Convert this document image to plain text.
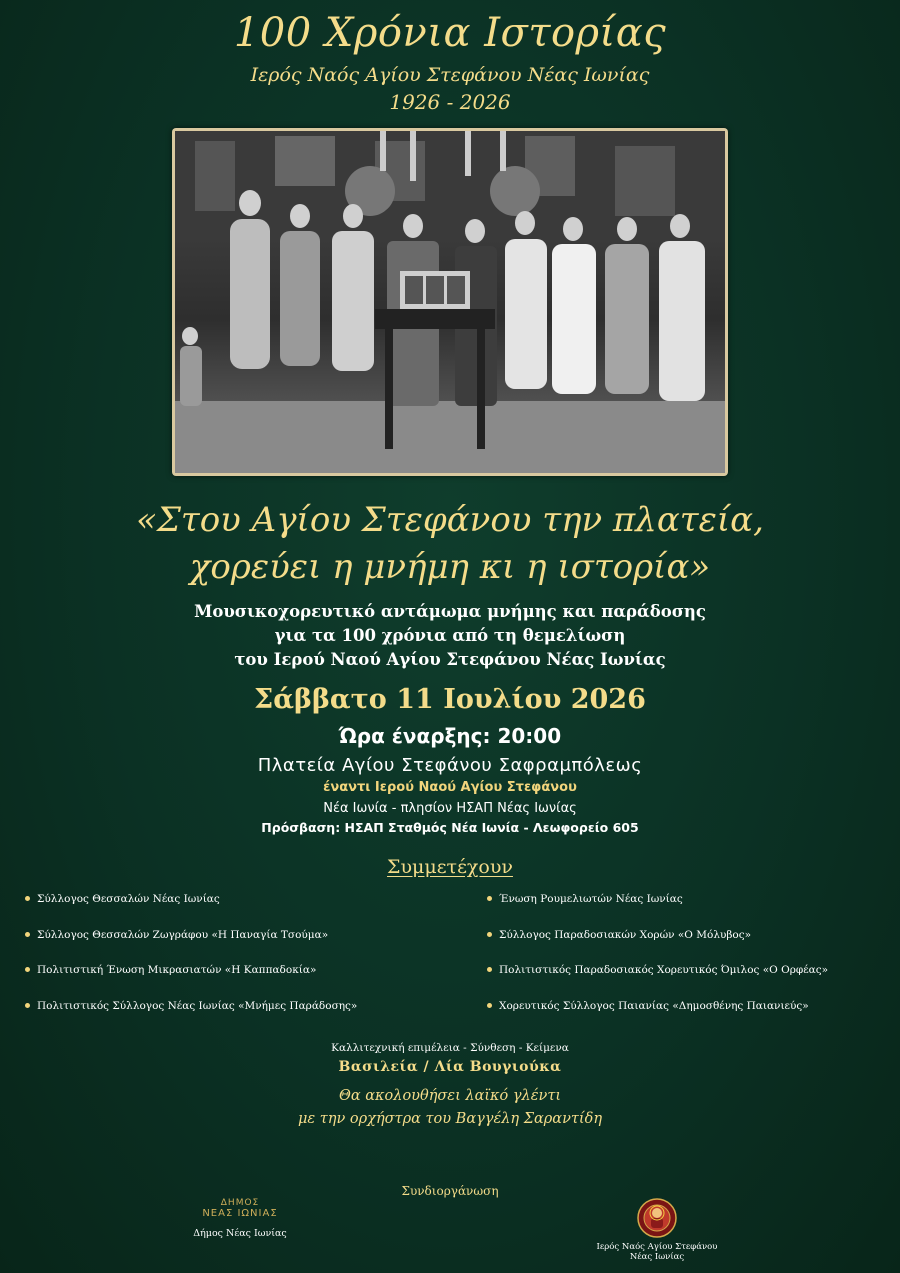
100 Χρόνια Ιστορίας
Ιερός Ναός Αγίου Στεφάνου Νέας Ιωνίας
1926 - 2026
«Στου Αγίου Στεφάνου την πλατεία,
χορεύει η μνήμη κι η ιστορία»
Μουσικοχορευτικό αντάμωμα μνήμης και παράδοσης
για τα 100 χρόνια από τη θεμελίωση
του Ιερού Ναού Αγίου Στεφάνου Νέας Ιωνίας
Σάββατο 11 Ιουλίου 2026
Ώρα έναρξης: 20:00
Πλατεία Αγίου Στεφάνου Σαφραμπόλεως
έναντι Ιερού Ναού Αγίου Στεφάνου
Νέα Ιωνία - πλησίον ΗΣΑΠ Νέας Ιωνίας
Πρόσβαση: ΗΣΑΠ Σταθμός Νέα Ιωνία - Λεωφορείο 605
Συμμετέχουν
Σύλλογος Θεσσαλών Νέας Ιωνίας
Σύλλογος Θεσσαλών Ζωγράφου «Η Παναγία Τσούμα»
Πολιτιστική Ένωση Μικρασιατών «Η Καππαδοκία»
Πολιτιστικός Σύλλογος Νέας Ιωνίας «Μνήμες Παράδοσης»
Ένωση Ρουμελιωτών Νέας Ιωνίας
Σύλλογος Παραδοσιακών Χορών «Ο Μόλυβος»
Πολιτιστικός Παραδοσιακός Χορευτικός Όμιλος «Ο Ορφέας»
Χορευτικός Σύλλογος Παιανίας «Δημοσθένης Παιανιεύς»
Καλλιτεχνική επιμέλεια - Σύνθεση - Κείμενα
Βασιλεία / Λία Βουγιούκα
Θα ακολουθήσει λαϊκό γλέντι
με την ορχήστρα του Βαγγέλη Σαραντίδη
Συνδιοργάνωση
ΔΗΜΟΣ
ΝΕΑΣ ΙΩΝΙΑΣ
Δήμος Νέας Ιωνίας
Ιερός Ναός Αγίου Στεφάνου
Νέας Ιωνίας
